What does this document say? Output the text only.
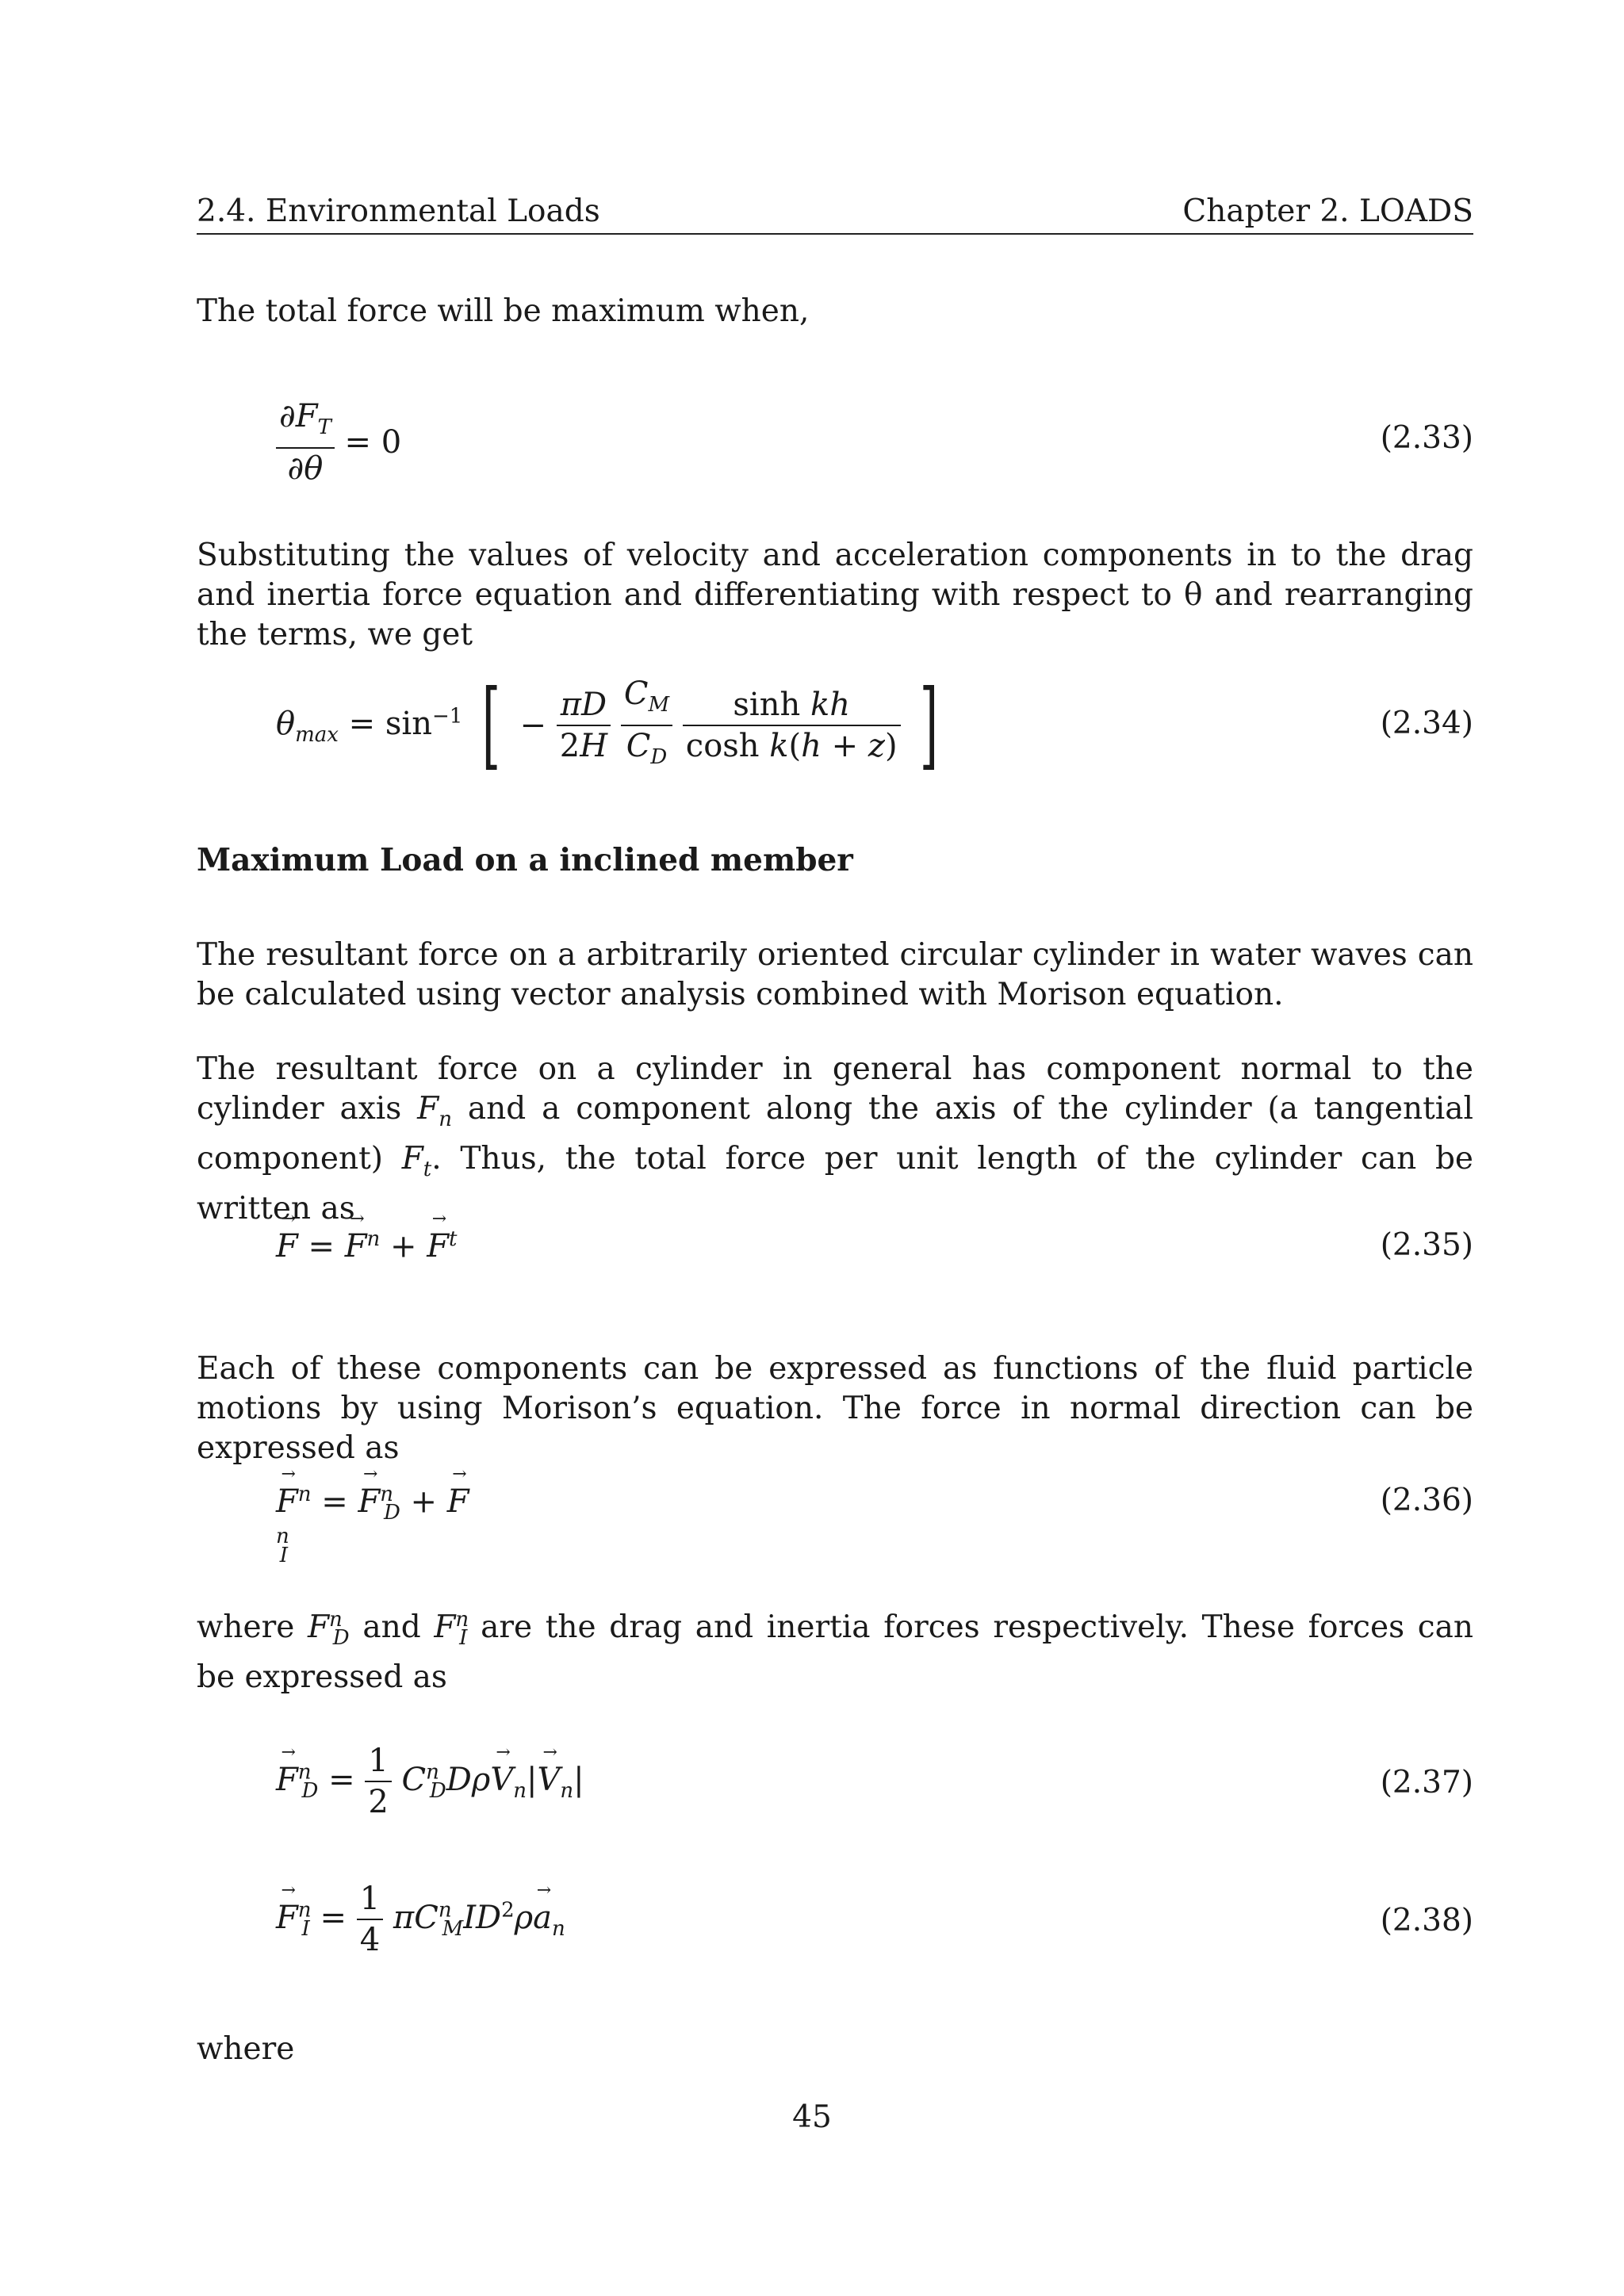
2.4. Environmental Loads	Chapter 2. LOADS
The total force will be maximum when,
$\frac{\partial F_T}{\partial\theta} = 0$	(2.33)
Substituting the values of velocity and acceleration components in to the drag and inertia force equation and differentiating with respect to θ and rearranging the terms, we get
$\theta_{max} = \sin^{-1}$ [ − $\frac{\pi D}{2H}$
$\frac{C_M}{C_D}$
$\frac{\text{sinh kh}}{\text{cosh k(h + z)}}$ ]	(2.34)
Maximum Load on a inclined member
The resultant force on a arbitrarily oriented circular cylinder in water waves can be calculated using vector analysis combined with Morison equation.
The resultant force on a cylinder in general has component normal to the cylinder axis $F_n$ and a component along the axis of the cylinder (a tangential component) $F_t$. Thus, the total force per unit length of the cylinder can be written as
→ F = → $F^n$ + → $F^t$	(2.35)
Each of these components can be expressed as functions of the fluid particle motions by using Morison’s equation. The force in normal direction can be expressed as
→ $F^n$ = → $F^n_D$ + → $F^n_I$
(2.36)
where $F^n_D$ and $F^n_I$ are the drag and inertia forces respectively. These forces can be expressed as
→ $F^n_D = \frac{1}{2} C^n_DD\rho\to V_n|\to V_n|$	(2.37)
→ $F^n_I = \frac{1}{4} \pi C^n_MID^2\rho\to a_n$	(2.38)
where
45
